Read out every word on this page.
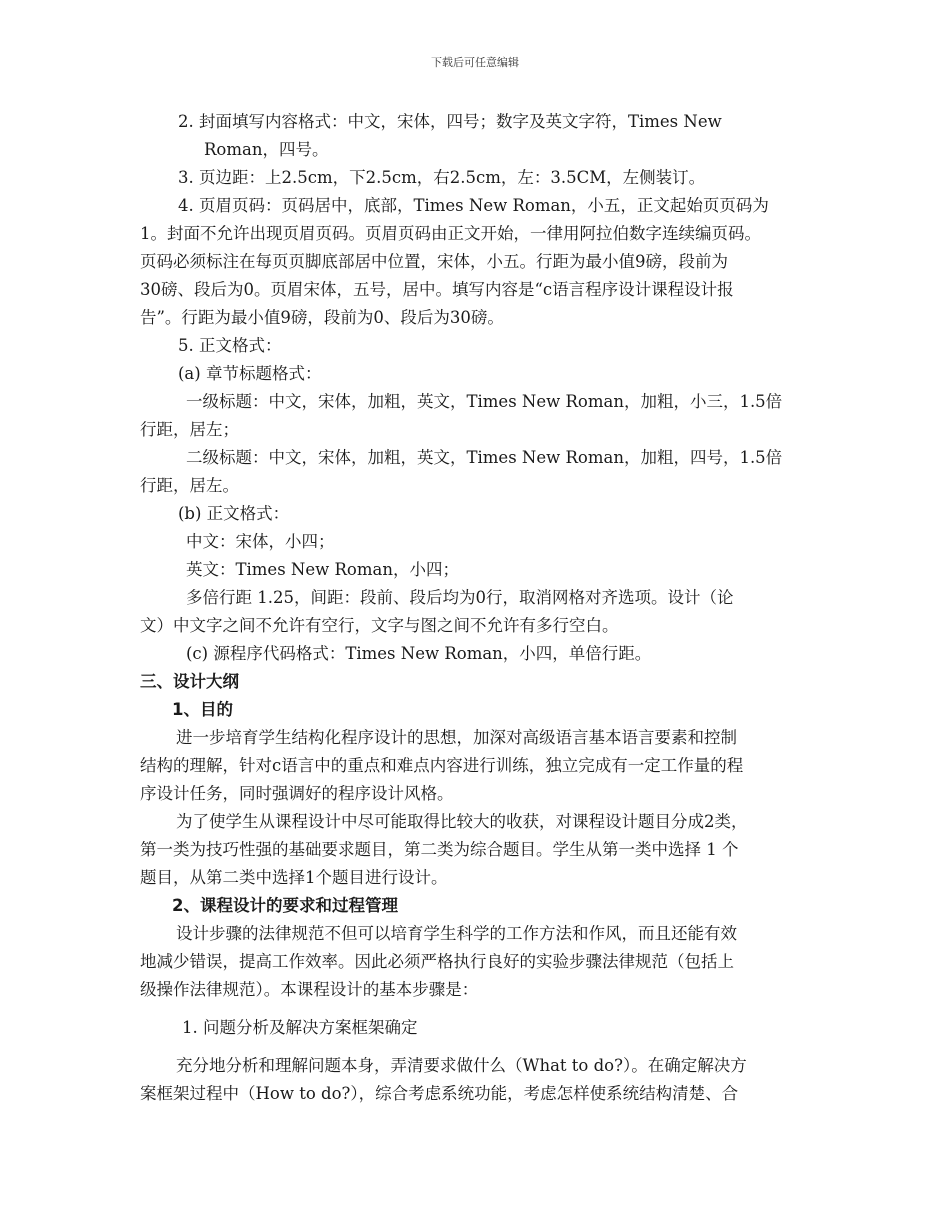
下载后可任意编辑
2. 封面填写内容格式：中文，宋体，四号；数字及英文字符，Times New
Roman，四号。
3. 页边距：上2.5cm，下2.5cm，右2.5cm，左：3.5CM，左侧装订。
4. 页眉页码：页码居中，底部，Times New Roman，小五，正文起始页页码为
1。封面不允许出现页眉页码。页眉页码由正文开始，一律用阿拉伯数字连续编页码。
页码必须标注在每页页脚底部居中位置，宋体，小五。行距为最小值9磅，段前为
30磅、段后为0。页眉宋体，五号，居中。填写内容是“c语言程序设计课程设计报
告”。行距为最小值9磅，段前为0、段后为30磅。
5. 正文格式：
(a) 章节标题格式：
一级标题：中文，宋体，加粗，英文，Times New Roman，加粗，小三，1.5倍
行距，居左；
二级标题：中文，宋体，加粗，英文，Times New Roman，加粗，四号，1.5倍
行距，居左。
(b) 正文格式：
中文：宋体，小四；
英文：Times New Roman，小四；
多倍行距 1.25，间距：段前、段后均为0行，取消网格对齐选项。设计（论
文）中文字之间不允许有空行，文字与图之间不允许有多行空白。
(c) 源程序代码格式：Times New Roman，小四，单倍行距。
三、设计大纲
1、目的
进一步培育学生结构化程序设计的思想，加深对高级语言基本语言要素和控制
结构的理解，针对c语言中的重点和难点内容进行训练，独立完成有一定工作量的程
序设计任务，同时强调好的程序设计风格。
为了使学生从课程设计中尽可能取得比较大的收获，对课程设计题目分成2类，
第一类为技巧性强的基础要求题目，第二类为综合题目。学生从第一类中选择 1 个
题目，从第二类中选择1个题目进行设计。
2、课程设计的要求和过程管理
设计步骤的法律规范不但可以培育学生科学的工作方法和作风，而且还能有效
地减少错误，提高工作效率。因此必须严格执行良好的实验步骤法律规范（包括上
级操作法律规范）。本课程设计的基本步骤是：
1. 问题分析及解决方案框架确定
充分地分析和理解问题本身，弄清要求做什么（What to do?）。在确定解决方
案框架过程中（How to do?），综合考虑系统功能，考虑怎样使系统结构清楚、合
